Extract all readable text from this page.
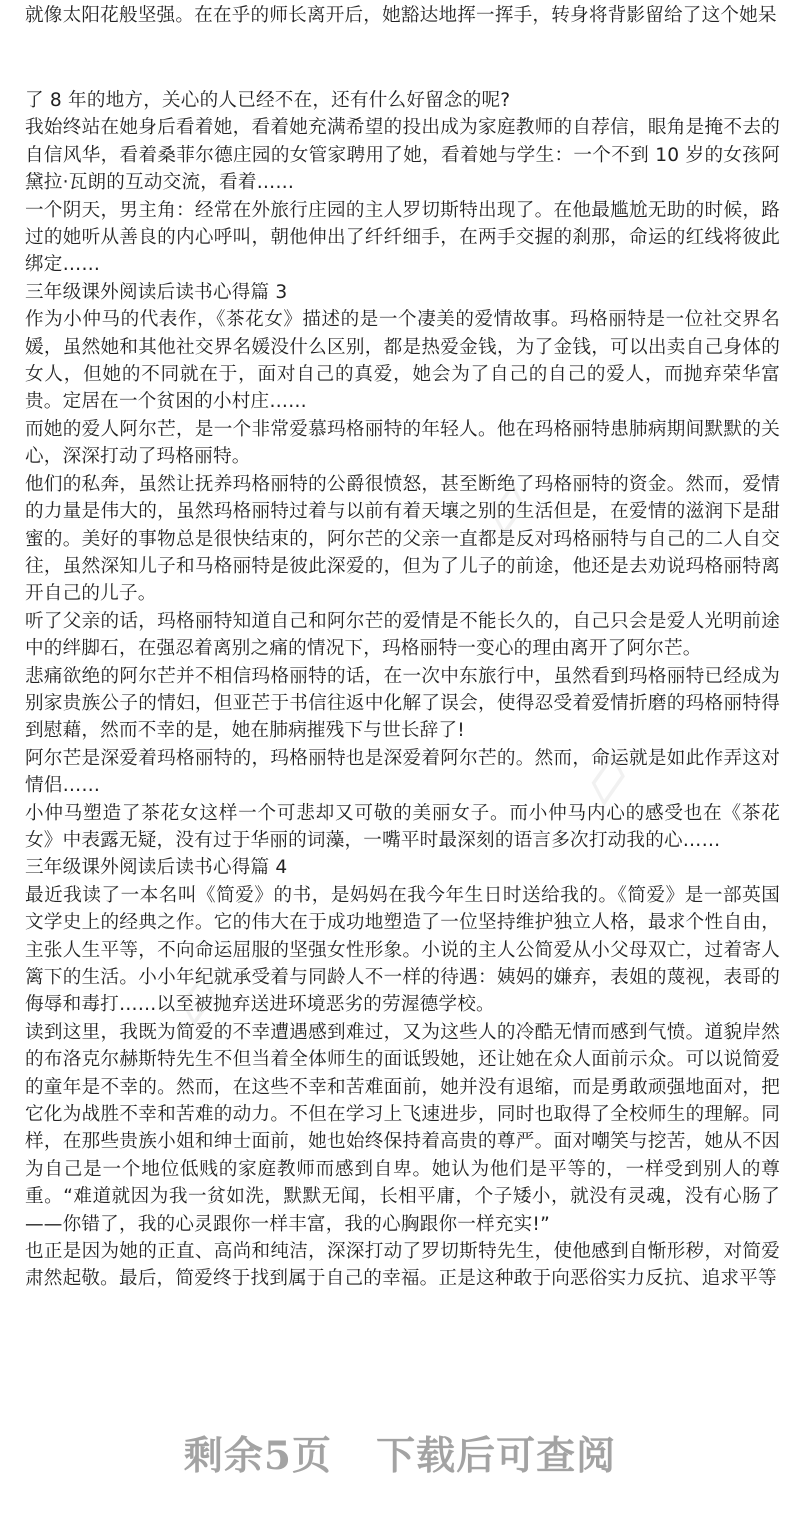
▱
▱
▱

就像太阳花般坚强。在在乎的师长离开后，她豁达地挥一挥手，转身将背影留给了这个她呆

了 8 年的地方，关心的人已经不在，还有什么好留念的呢?

我始终站在她身后看着她，看着她充满希望的投出成为家庭教师的自荐信，眼角是掩不去的自信风华，看着桑菲尔德庄园的女管家聘用了她，看着她与学生：一个不到 10 岁的女孩阿黛拉·瓦朗的互动交流，看着……

一个阴天，男主角：经常在外旅行庄园的主人罗切斯特出现了。在他最尴尬无助的时候，路过的她听从善良的内心呼叫，朝他伸出了纤纤细手，在两手交握的刹那，命运的红线将彼此绑定……

三年级课外阅读后读书心得篇 3

作为小仲马的代表作，《茶花女》描述的是一个凄美的爱情故事。玛格丽特是一位社交界名媛，虽然她和其他社交界名媛没什么区别，都是热爱金钱，为了金钱，可以出卖自己身体的女人，但她的不同就在于，面对自己的真爱，她会为了自己的自己的爱人，而抛弃荣华富贵。定居在一个贫困的小村庄……

而她的爱人阿尔芒，是一个非常爱慕玛格丽特的年轻人。他在玛格丽特患肺病期间默默的关心，深深打动了玛格丽特。

他们的私奔，虽然让抚养玛格丽特的公爵很愤怒，甚至断绝了玛格丽特的资金。然而，爱情的力量是伟大的，虽然玛格丽特过着与以前有着天壤之别的生活但是，在爱情的滋润下是甜蜜的。美好的事物总是很快结束的，阿尔芒的父亲一直都是反对玛格丽特与自己的二人自交往，虽然深知儿子和马格丽特是彼此深爱的，但为了儿子的前途，他还是去劝说玛格丽特离开自己的儿子。

听了父亲的话，玛格丽特知道自己和阿尔芒的爱情是不能长久的，自己只会是爱人光明前途中的绊脚石，在强忍着离别之痛的情况下，玛格丽特一变心的理由离开了阿尔芒。

悲痛欲绝的阿尔芒并不相信玛格丽特的话，在一次中东旅行中，虽然看到玛格丽特已经成为别家贵族公子的情妇，但亚芒于书信往返中化解了误会，使得忍受着爱情折磨的玛格丽特得到慰藉，然而不幸的是，她在肺病摧残下与世长辞了!

阿尔芒是深爱着玛格丽特的，玛格丽特也是深爱着阿尔芒的。然而，命运就是如此作弄这对情侣……

小仲马塑造了茶花女这样一个可悲却又可敬的美丽女子。而小仲马内心的感受也在《茶花女》中表露无疑，没有过于华丽的词藻，一嘴平时最深刻的语言多次打动我的心……

三年级课外阅读后读书心得篇 4

最近我读了一本名叫《简爱》的书，是妈妈在我今年生日时送给我的。《简爱》是一部英国文学史上的经典之作。它的伟大在于成功地塑造了一位坚持维护独立人格，最求个性自由，主张人生平等，不向命运屈服的坚强女性形象。小说的主人公简爱从小父母双亡，过着寄人篱下的生活。小小年纪就承受着与同龄人不一样的待遇：姨妈的嫌弃，表姐的蔑视，表哥的侮辱和毒打……以至被抛弃送进环境恶劣的劳渥德学校。

读到这里，我既为简爱的不幸遭遇感到难过，又为这些人的冷酷无情而感到气愤。道貌岸然的布洛克尔赫斯特先生不但当着全体师生的面诋毁她，还让她在众人面前示众。可以说简爱的童年是不幸的。然而，在这些不幸和苦难面前，她并没有退缩，而是勇敢顽强地面对，把它化为战胜不幸和苦难的动力。不但在学习上飞速进步，同时也取得了全校师生的理解。同样，在那些贵族小姐和绅士面前，她也始终保持着高贵的尊严。面对嘲笑与挖苦，她从不因为自己是一个地位低贱的家庭教师而感到自卑。她认为他们是平等的，一样受到别人的尊重。“难道就因为我一贫如洗，默默无闻，长相平庸，个子矮小，就没有灵魂，没有心肠了——你错了，我的心灵跟你一样丰富，我的心胸跟你一样充实!”

也正是因为她的正直、高尚和纯洁，深深打动了罗切斯特先生，使他感到自惭形秽，对简爱肃然起敬。最后，简爱终于找到属于自己的幸福。正是这种敢于向恶俗实力反抗、追求平等

剩余5页 下载后可查阅
